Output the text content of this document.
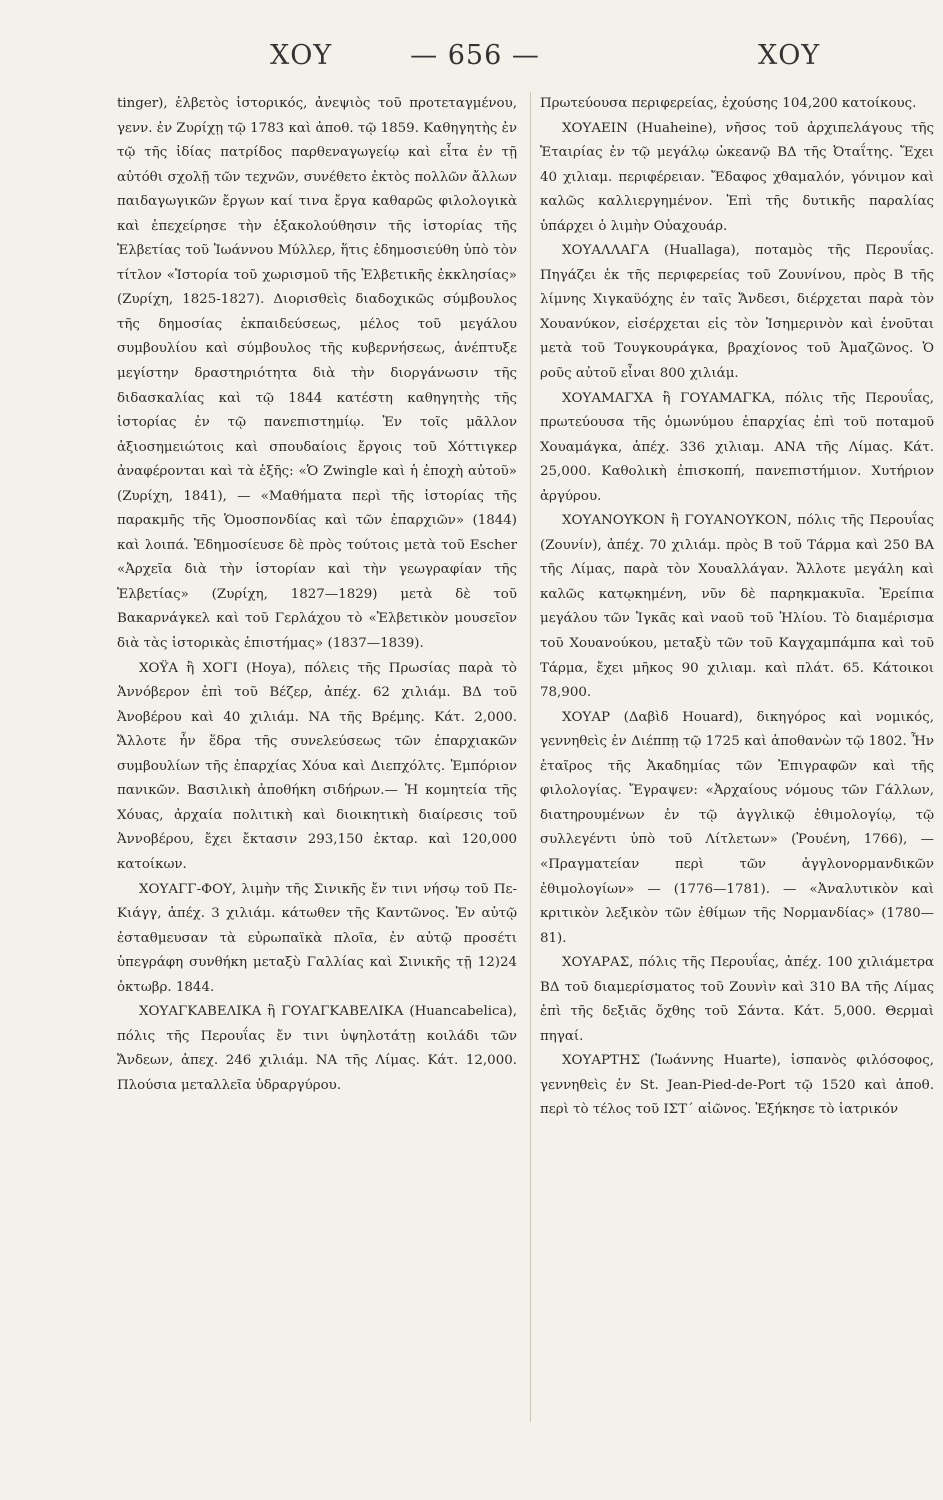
ΧΟΥ	— 656 —	ΧΟΥ

tinger), ἑλβετὸς ἱστορικός, ἀνεψιὸς τοῦ προτεταγμένου, γενν. ἐν Ζυρίχῃ τῷ 1783 καὶ ἀποθ. τῷ 1859. Καθηγητὴς ἐν τῷ τῆς ἰδίας πατρίδος παρθεναγωγείῳ καὶ εἶτα ἐν τῇ αὐτόθι σχολῇ τῶν τεχνῶν, συνέθετο ἐκτὸς πολλῶν ἄλλων παιδαγωγικῶν ἔργων καί τινα ἔργα καθαρῶς φιλολογικὰ καὶ ἐπεχείρησε τὴν ἐξακολούθησιν τῆς ἱστορίας τῆς Ἑλβετίας τοῦ Ἰωάννου Μύλλερ, ἥτις ἐδημοσιεύθη ὑπὸ τὸν τίτλον «Ἱστορία τοῦ χωρισμοῦ τῆς Ἑλβετικῆς ἐκκλησίας» (Ζυρίχη, 1825-1827). Διορισθεὶς διαδοχικῶς σύμβουλος τῆς δημοσίας ἐκπαιδεύσεως, μέλος τοῦ μεγάλου συμβουλίου καὶ σύμβουλος τῆς κυβερνήσεως, ἀνέπτυξε μεγίστην δραστηριότητα διὰ τὴν διοργάνωσιν τῆς διδασκαλίας καὶ τῷ 1844 κατέστη καθηγητὴς τῆς ἱστορίας ἐν τῷ πανεπιστημίῳ. Ἐν τοῖς μᾶλλον ἀξιοσημειώτοις καὶ σπουδαίοις ἔργοις τοῦ Χόττιγκερ ἀναφέρονται καὶ τὰ ἑξῆς: «Ὁ Zwingle καὶ ἡ ἐποχὴ αὐτοῦ» (Ζυρίχη, 1841), — «Μαθήματα περὶ τῆς ἱστορίας τῆς παρακμῆς τῆς Ὁμοσπονδίας καὶ τῶν ἐπαρχιῶν» (1844) καὶ λοιπά. Ἐδημοσίευσε δὲ πρὸς τούτοις μετὰ τοῦ Escher «Ἀρχεῖα διὰ τὴν ἱστορίαν καὶ τὴν γεωγραφίαν τῆς Ἑλβετίας» (Ζυρίχη, 1827—1829) μετὰ δὲ τοῦ Βακαρνάγκελ καὶ τοῦ Γερλάχου τὸ «Ἑλβετικὸν μουσεῖον διὰ τὰς ἱστορικὰς ἐπιστήμας» (1837—1839).

ΧΟΫΑ ἢ ΧΟΓΙ (Hoya), πόλεις τῆς Πρωσίας παρὰ τὸ Ἀννόβερον ἐπὶ τοῦ Βέζερ, ἀπέχ. 62 χιλιάμ. ΒΔ τοῦ Ἀνοβέρου καὶ 40 χιλιάμ. ΝΑ τῆς Βρέμης. Κάτ. 2,000. Ἄλλοτε ἦν ἕδρα τῆς συνελεύσεως τῶν ἐπαρχιακῶν συμβουλίων τῆς ἐπαρχίας Χόυα καὶ Διεπχόλτς. Ἐμπόριον πανικῶν. Βασιλικὴ ἀποθήκη σιδήρων.— Ἡ κομητεία τῆς Χόυας, ἀρχαία πολιτικὴ καὶ διοικητικὴ διαίρεσις τοῦ Ἀννοβέρου, ἔχει ἔκτασιν 293,150 ἐκταρ. καὶ 120,000 κατοίκων.

ΧΟΥΑΓΓ-ΦΟΥ, λιμὴν τῆς Σινικῆς ἔν τινι νήσῳ τοῦ Πε-Κιάγγ, ἀπέχ. 3 χιλιάμ. κάτωθεν τῆς Καντῶνος. Ἐν αὐτῷ ἐσταθμευσαν τὰ εὐρωπαϊκὰ πλοῖα, ἐν αὐτῷ προσέτι ὑπεγράφη συνθήκη μεταξὺ Γαλλίας καὶ Σινικῆς τῇ 12)24 ὀκτωβρ. 1844.

ΧΟΥΑΓΚΑΒΕΛΙΚΑ ἢ ΓΟΥΑΓΚΑΒΕΛΙΚΑ (Huancabelica), πόλις τῆς Περουΐας ἔν τινι ὑψηλοτάτῃ κοιλάδι τῶν Ἄνδεων, ἀπεχ. 246 χιλιάμ. ΝΑ τῆς Λίμας. Κάτ. 12,000. Πλούσια μεταλλεῖα ὑδραργύρου.

Πρωτεύουσα περιφερείας, ἐχούσης 104,200 κατοίκους.

ΧΟΥΑΕΙΝ (Huaheine), νῆσος τοῦ ἀρχιπελάγους τῆς Ἑταιρίας ἐν τῷ μεγάλῳ ὠκεανῷ ΒΔ τῆς Ὀταΐτης. Ἔχει 40 χιλιαμ. περιφέρειαν. Ἔδαφος χθαμαλόν, γόνιμον καὶ καλῶς καλλιεργημένον. Ἐπὶ τῆς δυτικῆς παραλίας ὑπάρχει ὁ λιμὴν Οὐαχουάρ.

ΧΟΥΑΛΛΑΓΑ (Huallaga), ποταμὸς τῆς Περουΐας. Πηγάζει ἐκ τῆς περιφερείας τοῦ Ζουνίνου, πρὸς Β τῆς λίμνης Χιγκαϋόχης ἐν ταῖς Ἄνδεσι, διέρχεται παρὰ τὸν Χουανύκον, εἰσέρχεται εἰς τὸν Ἰσημερινὸν καὶ ἑνοῦται μετὰ τοῦ Τουγκουράγκα, βραχίονος τοῦ Ἀμαζῶνος. Ὁ ροῦς αὐτοῦ εἶναι 800 χιλιάμ.

ΧΟΥΑΜΑΓΧΑ ἢ ΓΟΥΑΜΑΓΚΑ, πόλις τῆς Περουΐας, πρωτεύουσα τῆς ὁμωνύμου ἐπαρχίας ἐπὶ τοῦ ποταμοῦ Χουαμάγκα, ἀπέχ. 336 χιλιαμ. ΑΝΑ τῆς Λίμας. Κάτ. 25,000. Καθολικὴ ἐπισκοπή, πανεπιστήμιον. Χυτήριον ἀργύρου.

ΧΟΥΑΝΟΥΚΟΝ ἢ ΓΟΥΑΝΟΥΚΟΝ, πόλις τῆς Περουΐας (Ζουνίν), ἀπέχ. 70 χιλιάμ. πρὸς Β τοῦ Τάρμα καὶ 250 ΒΑ τῆς Λίμας, παρὰ τὸν Χουαλλάγαν. Ἄλλοτε μεγάλη καὶ καλῶς κατῳκημένη, νῦν δὲ παρηκμακυῖα. Ἐρείπια μεγάλου τῶν Ἰγκᾶς καὶ ναοῦ τοῦ Ἡλίου. Τὸ διαμέρισμα τοῦ Χουανούκου, μεταξὺ τῶν τοῦ Καγχαμπάμπα καὶ τοῦ Τάρμα, ἔχει μῆκος 90 χιλιαμ. καὶ πλάτ. 65. Κάτοικοι 78,900.

ΧΟΥΑΡ (Δαβὶδ Houard), δικηγόρος καὶ νομικός, γεννηθεὶς ἐν Διέππῃ τῷ 1725 καὶ ἀποθανὼν τῷ 1802. Ἦν ἑταῖρος τῆς Ἀκαδημίας τῶν Ἐπιγραφῶν καὶ τῆς φιλολογίας. Ἔγραψεν: «Ἀρχαίους νόμους τῶν Γάλλων, διατηρουμένων ἐν τῷ ἀγγλικῷ ἐθιμολογίῳ, τῷ συλλεγέντι ὑπὸ τοῦ Λίτλετων» (Ῥουένη, 1766), — «Πραγματείαν περὶ τῶν ἀγγλονορμανδικῶν ἐθιμολογίων» — (1776—1781). — «Ἀναλυτικὸν καὶ κριτικὸν λεξικὸν τῶν ἐθίμων τῆς Νορμανδίας» (1780—81).

ΧΟΥΑΡΑΣ, πόλις τῆς Περουΐας, ἀπέχ. 100 χιλιάμετρα ΒΔ τοῦ διαμερίσματος τοῦ Ζουνὶν καὶ 310 ΒΑ τῆς Λίμας ἐπὶ τῆς δεξιᾶς ὄχθης τοῦ Σάντα. Κάτ. 5,000. Θερμαὶ πηγαί.

ΧΟΥΑΡΤΗΣ (Ἰωάννης Huarte), ἱσπανὸς φιλόσοφος, γεννηθεὶς ἐν St. Jean-Pied-de-Port τῷ 1520 καὶ ἀποθ. περὶ τὸ τέλος τοῦ ΙΣΤ´ αἰῶνος. Ἐξήκησε τὸ ἰατρικόν
